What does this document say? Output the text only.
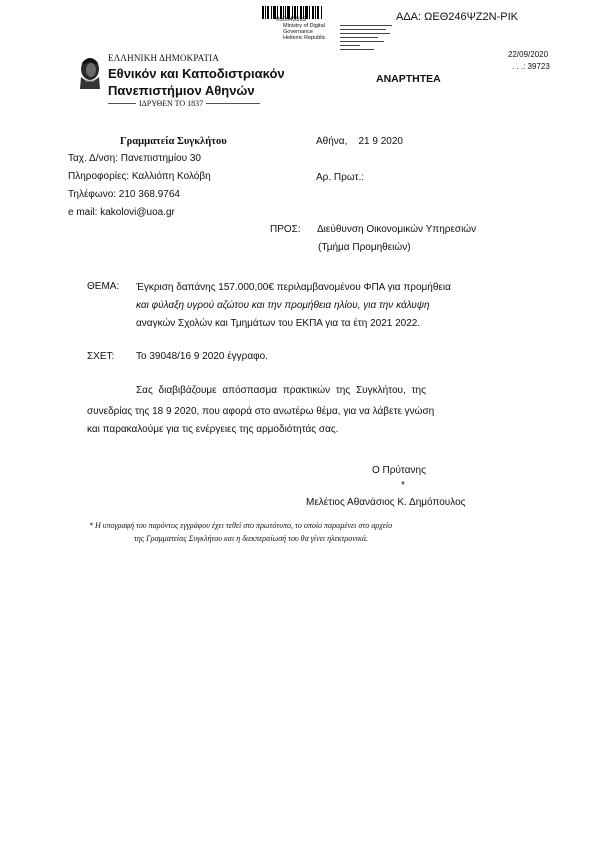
000043593
Ministry of Digital
Governance
Hellenic Republic
ΑΔΑ: ΩΕΘ246ΨΖ2Ν-ΡΙΚ
22/09/2020
. . .: 39723
ΕΛΛΗΝΙΚΗ ΔΗΜΟΚΡΑΤΙΑ
Εθνικόν και Καποδιστριακόν
Πανεπιστήμιον Αθηνών
ΙΔΡΥΘΕΝ ΤΟ 1837
ΑΝΑΡΤΗΤΕΑ
Γραμματεία Συγκλήτου
Ταχ. Δ/νση: Πανεπιστημίου 30
Πληροφορίες: Καλλιόπη Κολόβη
Τηλέφωνο: 210 368.9764
e mail: kakolovi@uoa.gr
Αθήνα,    21 9 2020
Αρ. Πρωτ.:
ΠΡΟΣ: Διεύθυνση Οικονομικών Υπηρεσιών
(Τμήμα Προμηθειών)
ΘΕΜΑ: Έγκριση δαπάνης 157.000,00€ περιλαμβανομένου ΦΠΑ για προμήθεια
και φύλαξη υγρού αζώτου και την προμήθεια ηλίου, για την κάλυψη
αναγκών Σχολών και Τμημάτων του ΕΚΠΑ για τα έτη 2021 2022.
ΣΧΕΤ: Το 39048/16 9 2020 έγγραφο.
Σας διαβιβάζουμε απόσπασμα πρακτικών της Συγκλήτου, της
συνεδρίας της 18 9 2020, που αφορά στο ανωτέρω θέμα, για να λάβετε γνώση
και παρακαλούμε για τις ενέργειες της αρμοδιότητάς σας.
Ο Πρύτανης
*
Μελέτιος Αθανάσιος Κ. Δημόπουλος
* Η υπογραφή του παρόντος εγγράφου έχει τεθεί στο πρωτότυπο, το οποίο παραμένει στο αρχείο
της Γραμματείας Συγκλήτου και η διεκπεραίωσή του θα γίνει ηλεκτρονικά.
